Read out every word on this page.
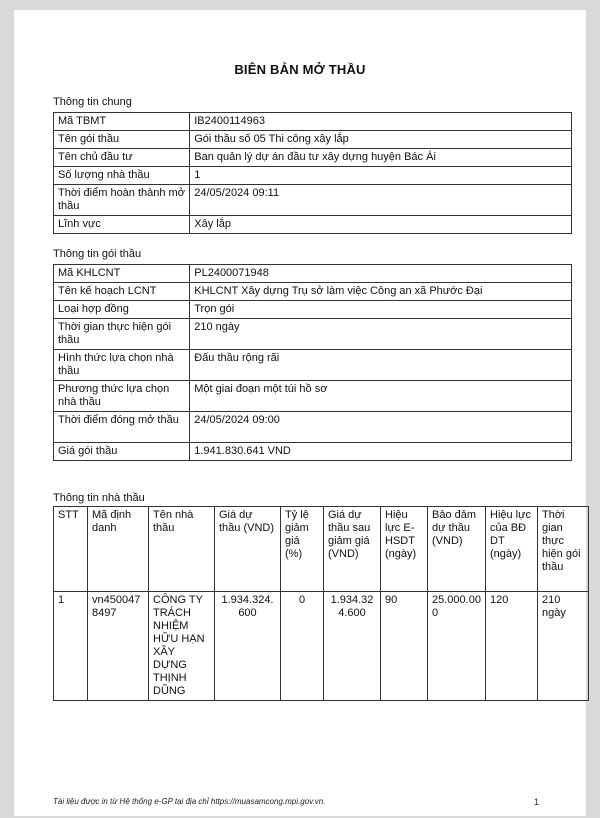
BIÊN BẢN MỞ THẦU
Thông tin chung
Mã TBMT	IB2400114963
Tên gói thầu	Gói thầu số 05 Thi công xây lắp
Tên chủ đầu tư	Ban quản lý dự án đầu tư xây dựng huyện Bác Ái
Số lượng nhà thầu	1
Thời điểm hoàn thành mở thầu	24/05/2024 09:11
Lĩnh vực	Xây lắp
Thông tin gói thầu
Mã KHLCNT	PL2400071948
Tên kế hoạch LCNT	KHLCNT Xây dựng Trụ sở làm việc Công an xã Phước Đại
Loại hợp đồng	Trọn gói
Thời gian thực hiện gói thầu	210 ngày
Hình thức lựa chọn nhà thầu	Đấu thầu rộng rãi
Phương thức lựa chọn nhà thầu	Một giai đoạn một túi hồ sơ
Thời điểm đóng mở thầu	24/05/2024 09:00
Giá gói thầu	1.941.830.641 VND
Thông tin nhà thầu
STT	Mã định danh	Tên nhà thầu	Giá dự thầu (VND)	Tỷ lệ giảm giá (%)	Giá dự thầu sau giảm giá (VND)	Hiệu lực E-HSDT (ngày)	Bảo đảm dự thầu (VND)	Hiệu lực của BĐ DT (ngày)	Thời gian thực hiện gói thầu
1	vn4500478497	CÔNG TY TRÁCH NHIỆM HỮU HẠN XÂY DỰNG THỊNH DŨNG	1.934.324.600	0	1.934.324.600	90	25.000.000	120	210 ngày
Tài liệu được in từ Hệ thống e-GP tại địa chỉ https://muasamcong.mpi.gov.vn.	1
